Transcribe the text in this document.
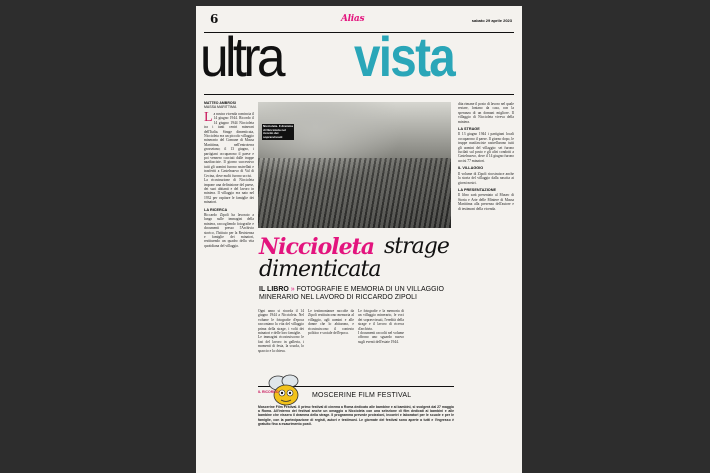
6	Alias	sabato 29 aprile 2023
ultra vista
MATTEO AMBROSI
MASSA MARITTIMA

La nostra vicenda comincia il 14 giugno 1944. Ricordo il 14 giugno 1944 Niccioleta tra i tanti centri minerari dell'Italia. Strage dimenticata, Niccioleta era un piccolo villaggio minerario del Comune di Massa Marittima, nell'entroterra grossetano; il 13 giugno, i partigiani occuparono il paese e poi vennero cacciati dalle truppe nazifasciste. Il giorno successivo tutti gli uomini furono rastrellati e trasferiti a Castelnuovo di Val di Cecina, dove molti furono uccisi.

La ricostruzione di Niccioleta impone una definizione del paese, dei suoi abitanti e del lavoro in miniera. Il villaggio era nato nel 1932 per ospitare le famiglie dei minatori.

LA RICERCA

Riccardo Zipoli ha lavorato a lungo sulle immagini della miniera, raccogliendo fotografie e documenti presso l'Archivio storico, l'Istituto per la Resistenza e famiglie dei minatori, restituendo un quadro della vita quotidiana del villaggio.

Niccioleta. Il dramma di Niccioleta nel ricordo dei sopravvissuti
Niccioleta strage
dimenticata
IL LIBRO » FOTOGRAFIE E MEMORIA DI UN VILLAGGIO MINERARIO NEL LAVORO DI RICCARDO ZIPOLI

Ogni anno si ricorda il 14 giugno 1944 a Niccioleta. Nel volume le fotografie d'epoca raccontano la vita del villaggio prima della strage, i volti dei minatori e delle loro famiglie.

Le immagini ricostruiscono le fasi del lavoro in galleria, i momenti di festa, la scuola, lo spaccio e la chiesa.

Le testimonianze raccolte da Zipoli restituiscono memoria al villaggio, agli uomini e alle donne che lo abitarono, e ricostruiscono il contesto politico e sociale dell'epoca.

Le fotografie e la memoria di un villaggio minerario, le voci dei sopravvissuti, l'eredità della strage e il lavoro di ricerca d'archivio.

I documenti raccolti nel volume offrono uno sguardo nuovo sugli eventi dell'estate 1944.

dita rimane il posto di lavoro nel quale restare, lontano da casa, con la speranza di un domani migliore. Il villaggio di Niccioleta viveva della miniera.

LA STRAGE

Il 13 giugno 1944 i partigiani locali occuparono il paese. Il giorno dopo, le truppe nazifasciste rastrellarono tutti gli uomini del villaggio: sei furono fucilati sul posto e gli altri condotti a Castelnuovo, dove il 14 giugno furono uccisi 77 minatori.

IL VILLAGGIO

Il volume di Zipoli ricostruisce anche la storia del villaggio dalla nascita ai giorni nostri.

LA PRESENTAZIONE

Il libro sarà presentato al Museo di Storia e Arte delle Miniere di Massa Marittima alla presenza dell'autore e di testimoni della vicenda.

IL RICORDO	MOSCERINE FILM FESTIVAL
Moscerine Film Festival. Il primo festival di cinema a Roma dedicato alle bambine e ai bambini, si svolgerà dal 27 maggio a Roma. All'interno del festival anche un omaggio a Niccioleta con una selezione di film dedicati ai bambini e alle bambine che vissero il dramma della strage. Il programma prevede proiezioni, incontri e laboratori per le scuole e per le famiglie, con la partecipazione di registi, autori e testimoni. Le giornate del festival sono aperte a tutti e l'ingresso è gratuito fino a esaurimento posti.
